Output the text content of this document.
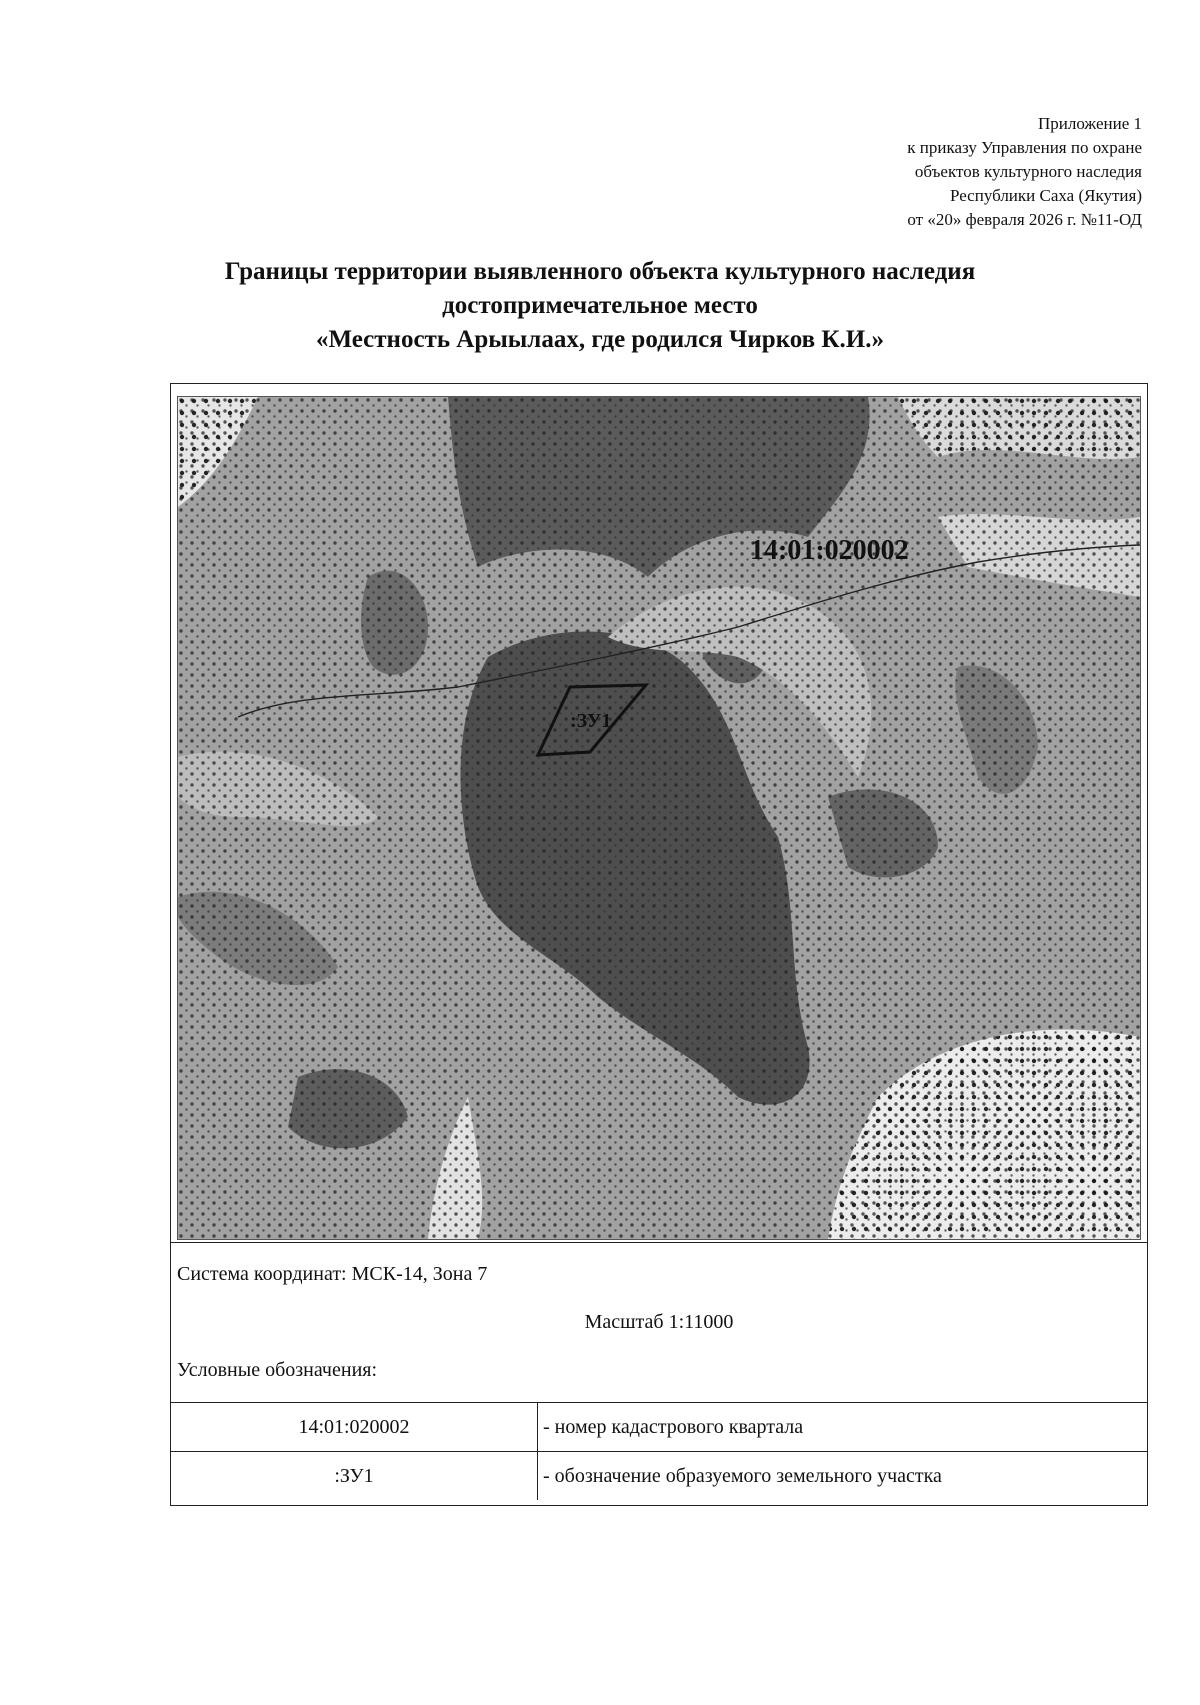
Приложение 1
к приказу Управления по охране
объектов культурного наследия
Республики Саха (Якутия)
от «20» февраля 2026 г. №11-ОД
Границы территории выявленного объекта культурного наследия
достопримечательное место
«Местность Арыылаах, где родился Чирков К.И.»
14:01:020002
:ЗУ1
Система координат: МСК-14, Зона 7
Масштаб 1:11000
Условные обозначения:
14:01:020002	- номер кадастрового квартала
:ЗУ1	- обозначение образуемого земельного участка
